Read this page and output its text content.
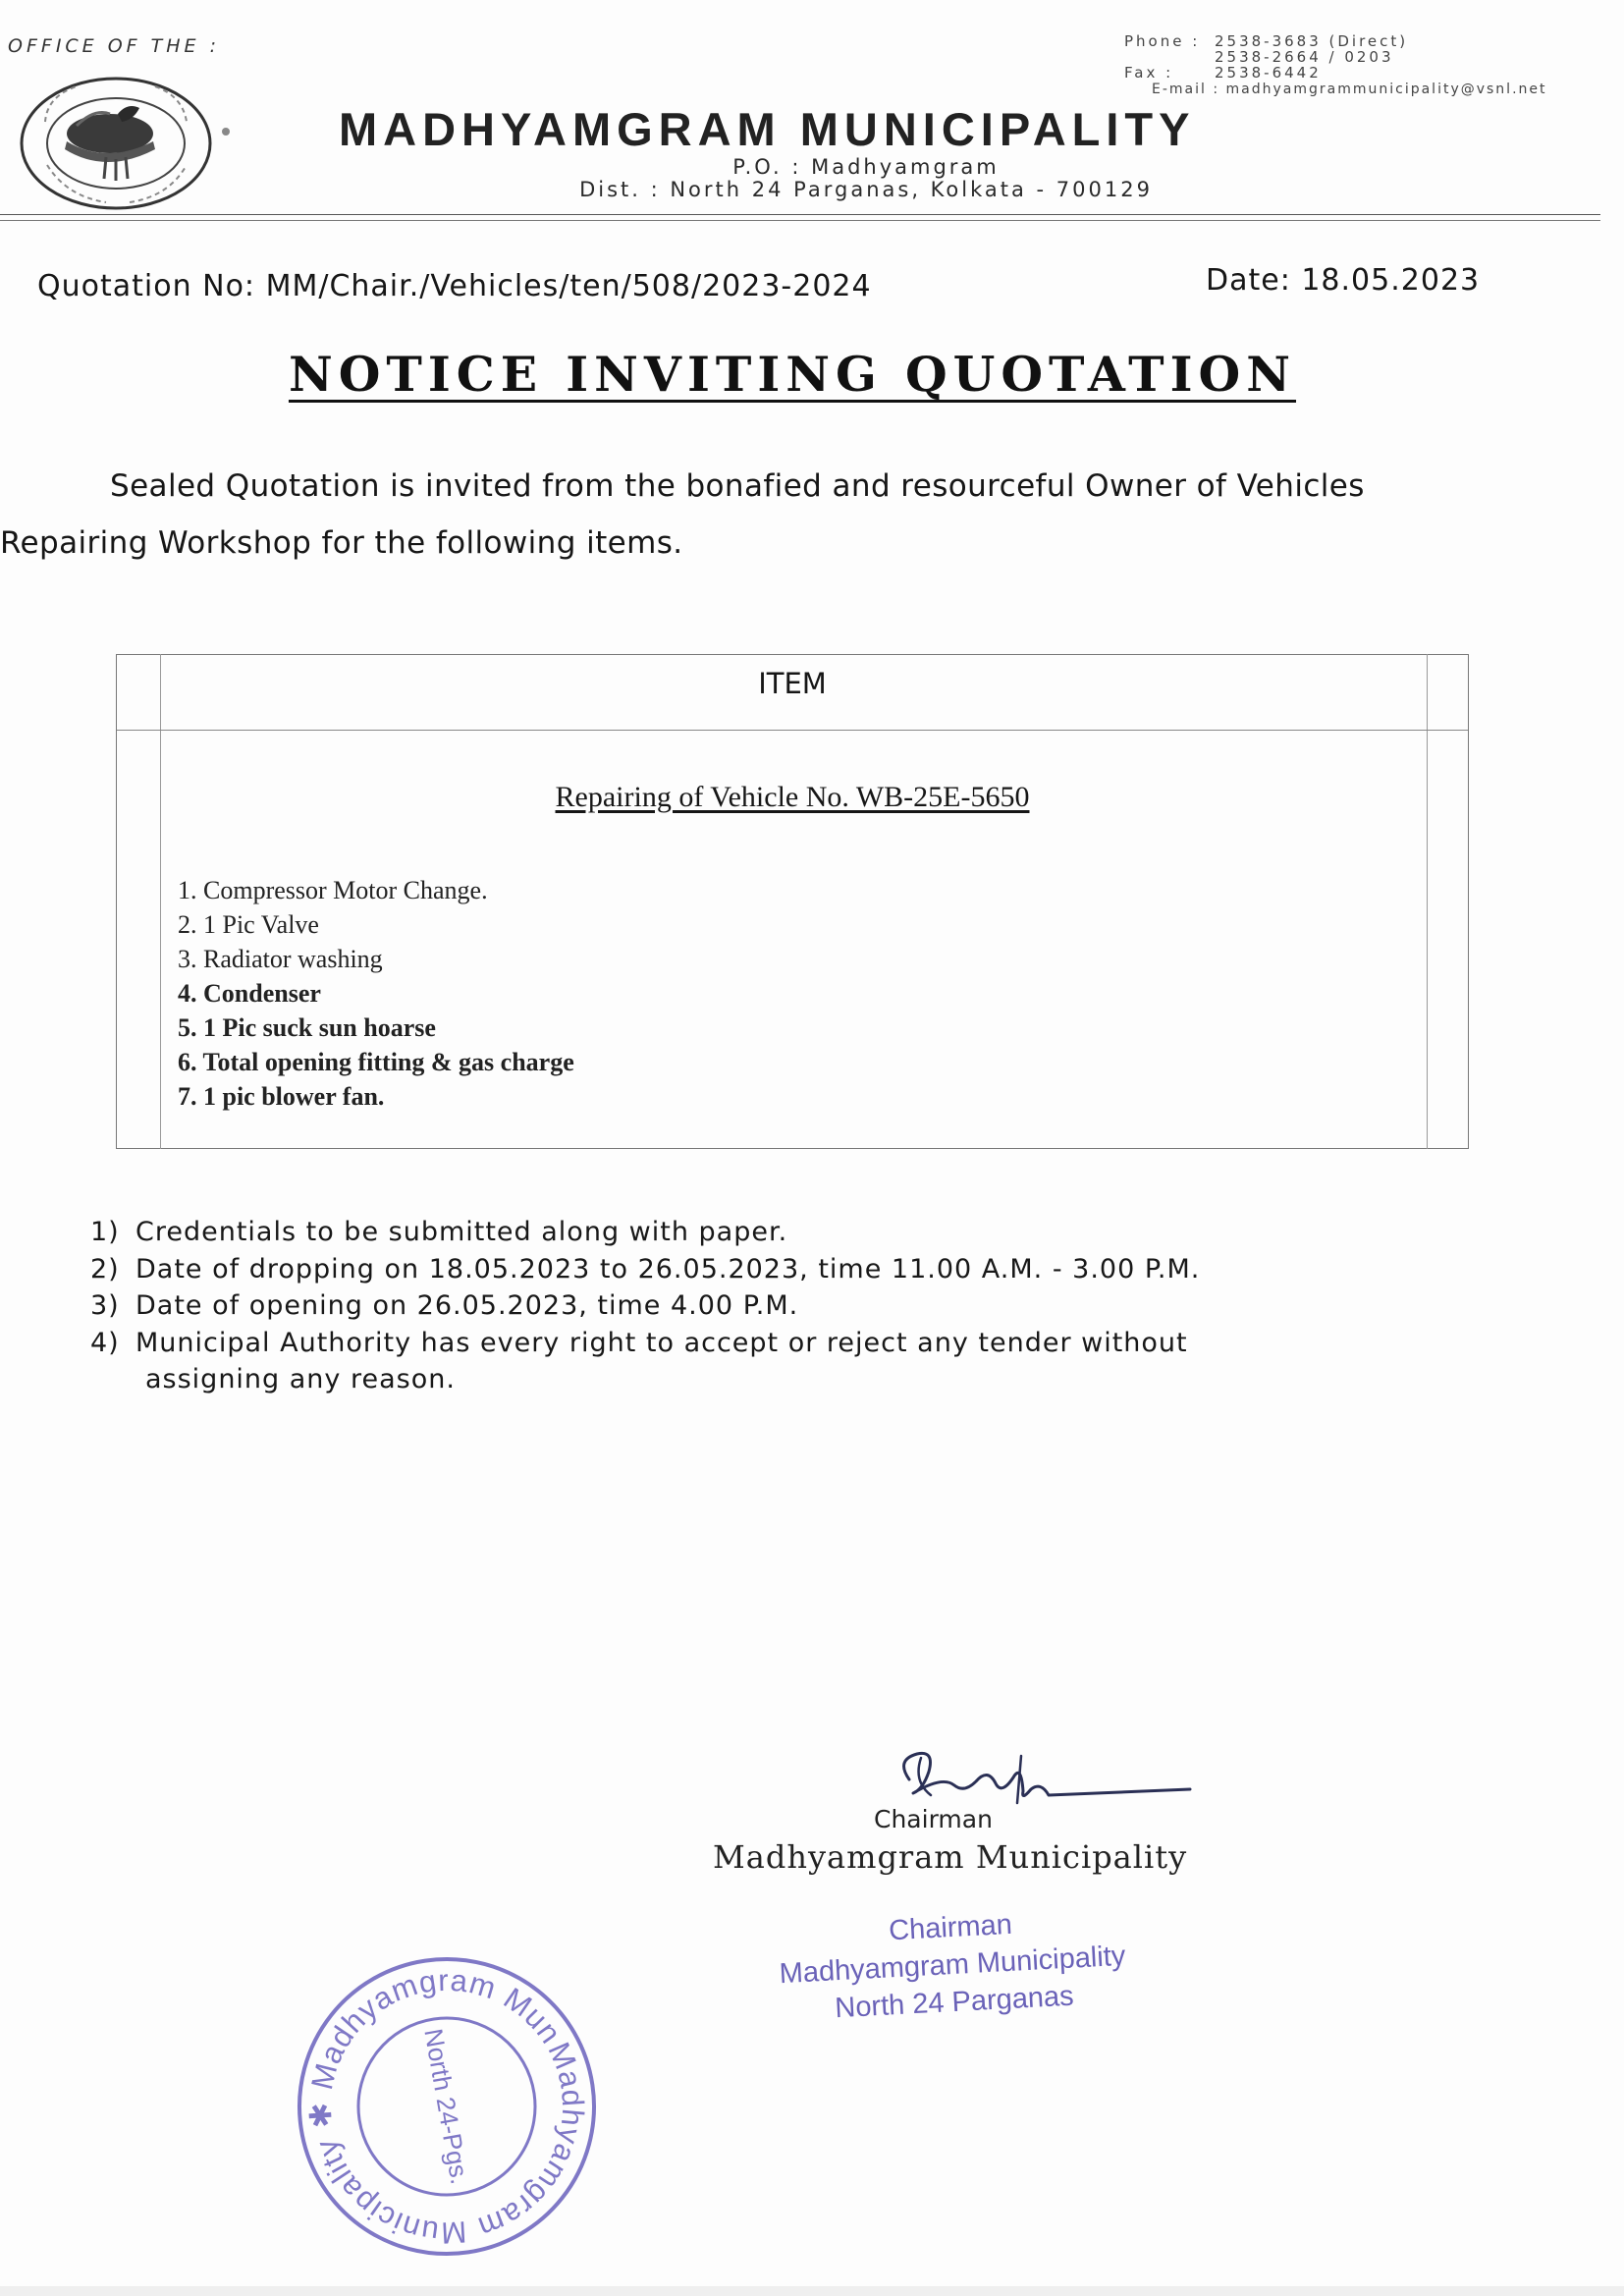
OFFICE OF THE :	Phone : 2538-3683 (Direct)
2538-2664 / 0203
Fax :	2538-6442
E-mail : madhyamgrammunicipality@vsnl.net
MADHYAMGRAM MUNICIPALITY
P.O. : Madhyamgram
Dist. : North 24 Parganas, Kolkata - 700129
Quotation No: MM/Chair./Vehicles/ten/508/2023-2024	Date: 18.05.2023
NOTICE INVITING QUOTATION

Sealed Quotation is invited from the bonafied and resourceful Owner of Vehicles

Repairing Workshop for the following items.

ITEM
Repairing of Vehicle No. WB-25E-5650
1. Compressor Motor Change.
2. 1 Pic Valve
3. Radiator washing
4. Condenser
5. 1 Pic suck sun hoarse
6. Total opening fitting & gas charge
7. 1 pic blower fan.
1) Credentials to be submitted along with paper.
2) Date of dropping on 18.05.2023 to 26.05.2023, time 11.00 A.M. - 3.00 P.M.
3) Date of opening on 26.05.2023, time 4.00 P.M.
4) Municipal Authority has every right to accept or reject any tender without
assigning any reason.
Chairman
Madhyamgram Municipality
Chairman
Madhyamgram Municipality
North 24 Parganas
Madhyamgram Municipality ✱ Madhyamgram Municipality
North 24-Pgs.
